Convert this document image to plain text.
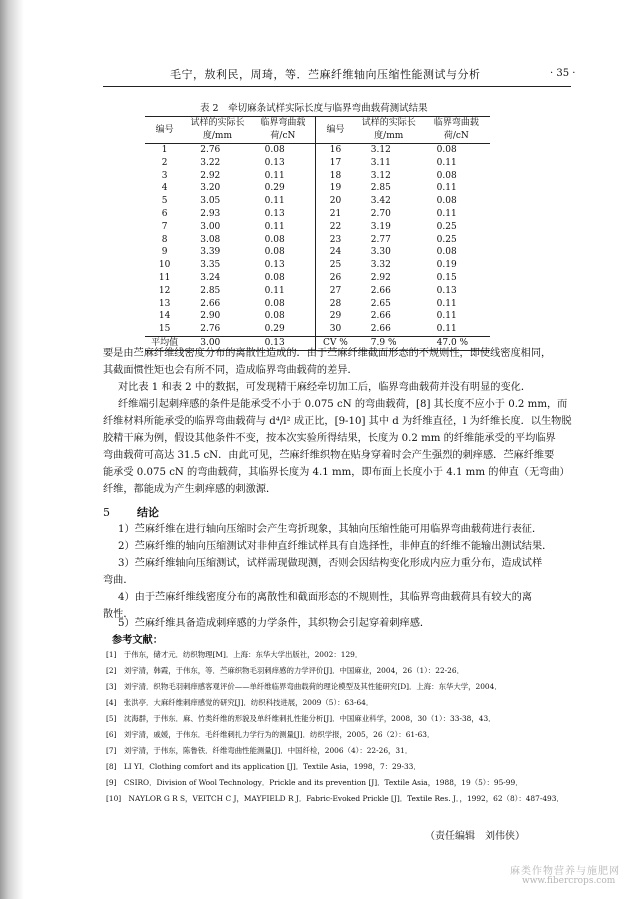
毛宁，敖利民，周琦，等．苎麻纤维轴向压缩性能测试与分析	· 35 ·
表 2　牵切麻条试样实际长度与临界弯曲载荷测试结果
编号	试样的实际长度/mm	临界弯曲载荷/cN	编号	试样的实际长度/mm	临界弯曲载荷/cN
1	2.76	0.08	16	3.12	0.08
2	3.22	0.13	17	3.11	0.11
3	2.92	0.11	18	3.12	0.08
4	3.20	0.29	19	2.85	0.11
5	3.05	0.11	20	3.42	0.08
6	2.93	0.13	21	2.70	0.11
7	3.00	0.11	22	3.19	0.25
8	3.08	0.08	23	2.77	0.25
9	3.39	0.08	24	3.30	0.08
10	3.35	0.13	25	3.32	0.19
11	3.24	0.08	26	2.92	0.15
12	2.85	0.11	27	2.66	0.13
13	2.66	0.08	28	2.65	0.11
14	2.90	0.08	29	2.66	0.11
15	2.76	0.29	30	2.66	0.11
平均值	3.00	0.13	CV %	7.9 %	47.0 %
要是由苎麻纤维线密度分布的离散性造成的．由于苎麻纤维截面形态的不规则性，即使线密度相同，
其截面惯性矩也会有所不同，造成临界弯曲载荷的差异．
对比表 1 和表 2 中的数据，可发现精干麻经牵切加工后，临界弯曲载荷并没有明显的变化．
纤维端引起刺痒感的条件是能承受不小于 0.075 cN 的弯曲载荷，[8] 其长度不应小于 0.2 mm，而
纤维材料所能承受的临界弯曲载荷与 d⁴/l² 成正比，[9-10] 其中 d 为纤维直径，l 为纤维长度．以生物脱
胶精干麻为例，假设其他条件不变，按本次实验所得结果，长度为 0.2 mm 的纤维能承受的平均临界
弯曲载荷可高达 31.5 cN．由此可见，苎麻纤维织物在贴身穿着时会产生强烈的刺痒感．苎麻纤维要
能承受 0.075 cN 的弯曲载荷，其临界长度为 4.1 mm，即布面上长度小于 4.1 mm 的伸直（无弯曲）
纤维，都能成为产生刺痒感的刺激源．
5 结论
1）苎麻纤维在进行轴向压缩时会产生弯折现象，其轴向压缩性能可用临界弯曲载荷进行表征．
2）苎麻纤维的轴向压缩测试对非伸直纤维试样具有自选择性，非伸直的纤维不能输出测试结果．
3）苎麻纤维轴向压缩测试，试样需现做现测，否则会因结构变化形成内应力重分布，造成试样
弯曲．
4）由于苎麻纤维线密度分布的离散性和截面形态的不规则性，其临界弯曲载荷具有较大的离
散性．
5）苎麻纤维具备造成刺痒感的力学条件，其织物会引起穿着刺痒感．
参考文献：
[1]　于伟东，储才元．纺织物理[M]．上海：东华大学出版社，2002：129．
[2]　刘宇清，韩霞，于伟东，等．苎麻织物毛羽刺痒感的力学评价[J]．中国麻业，2004，26（1）：22-26．
[3]　刘宇清．织物毛羽刺痒感客观评价——单纤维临界弯曲载荷的理论模型及其性能研究[D]．上海：东华大学，2004．
[4]　张洪亭．大麻纤维刺痒感觉的研究[J]．纺织科技进展，2009（5）：63-64．
[5]　沈海群，于伟东．麻、竹类纤维的形貌及单纤维刺扎性能分析[J]．中国麻业科学，2008，30（1）：33-38，43．
[6]　刘宇清，戚媛，于伟东．毛纤维刺扎力学行为的测量[J]．纺织学报，2005，26（2）：61-63．
[7]　刘宇清，于伟东，陈鲁铁．纤维弯曲性能测量[J]．中国纤检，2006（4）：22-26，31．
[8]　LI YI．Clothing comfort and its application [J]．Textile Asia，1998，7：29-33．
[9]　CSIRO．Division of Wool Technology．Prickle and its prevention [J]．Textile Asia，1988，19（5）：95-99．
[10]　NAYLOR G R S，VEITCH C J，MAYFIELD R J．Fabric-Evoked Prickle [J]．Textile Res. J．，1992，62（8）：487-493．
（责任编辑　刘伟侠）
麻类作物营养与施肥网
www.fibercrops.com
